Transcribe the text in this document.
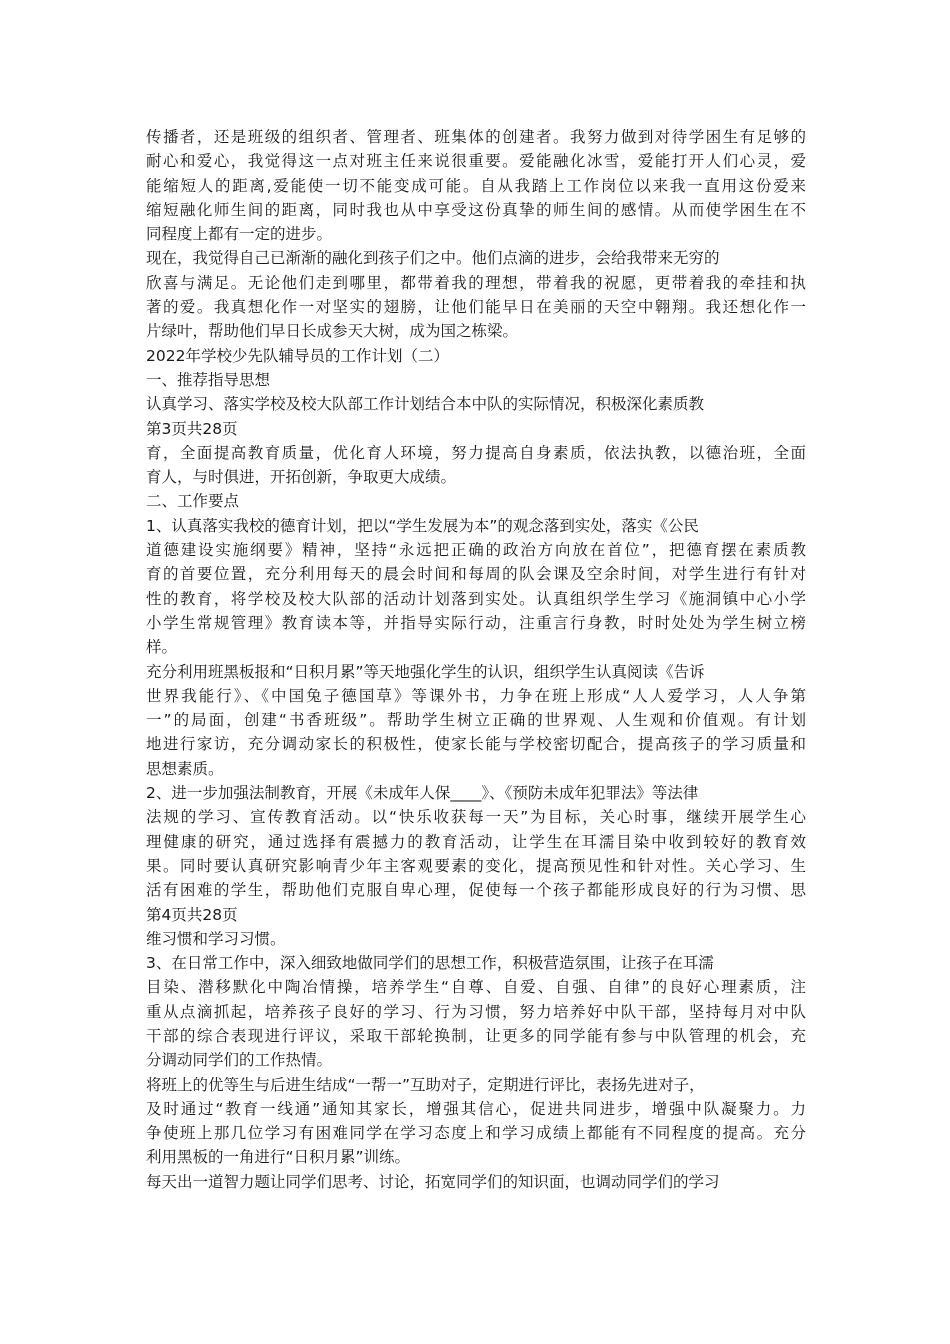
传播者，还是班级的组织者、管理者、班集体的创建者。我努力做到对待学困生有足够的
耐心和爱心，我觉得这一点对班主任来说很重要。爱能融化冰雪，爱能打开人们心灵，爱
能缩短人的距离,爱能使一切不能变成可能。自从我踏上工作岗位以来我一直用这份爱来
缩短融化师生间的距离，同时我也从中享受这份真挚的师生间的感情。从而使学困生在不
同程度上都有一定的进步。
现在，我觉得自己已渐渐的融化到孩子们之中。他们点滴的进步，会给我带来无穷的
欣喜与满足。无论他们走到哪里，都带着我的理想，带着我的祝愿，更带着我的牵挂和执
著的爱。我真想化作一对坚实的翅膀，让他们能早日在美丽的天空中翱翔。我还想化作一
片绿叶，帮助他们早日长成参天大树，成为国之栋梁。
2022年学校少先队辅导员的工作计划（二）
一、推荐指导思想
认真学习、落实学校及校大队部工作计划结合本中队的实际情况，积极深化素质教
第3页共28页
育，全面提高教育质量，优化育人环境，努力提高自身素质，依法执教，以德治班，全面
育人，与时俱进，开拓创新，争取更大成绩。
二、工作要点
1、认真落实我校的德育计划，把以“学生发展为本”的观念落到实处，落实《公民
道德建设实施纲要》精神，坚持“永远把正确的政治方向放在首位”，把德育摆在素质教
育的首要位置，充分利用每天的晨会时间和每周的队会课及空余时间，对学生进行有针对
性的教育，将学校及校大队部的活动计划落到实处。认真组织学生学习《施洞镇中心小学
小学生常规管理》教育读本等，并指导实际行动，注重言行身教，时时处处为学生树立榜
样。
充分利用班黑板报和“日积月累”等天地强化学生的认识，组织学生认真阅读《告诉
世界我能行》、《中国兔子德国草》等课外书，力争在班上形成“人人爱学习，人人争第
一”的局面，创建“书香班级”。帮助学生树立正确的世界观、人生观和价值观。有计划
地进行家访，充分调动家长的积极性，使家长能与学校密切配合，提高孩子的学习质量和
思想素质。
2、进一步加强法制教育，开展《未成年人保____》、《预防未成年犯罪法》等法律
法规的学习、宣传教育活动。以“快乐收获每一天”为目标，关心时事，继续开展学生心
理健康的研究，通过选择有震撼力的教育活动，让学生在耳濡目染中收到较好的教育效
果。同时要认真研究影响青少年主客观要素的变化，提高预见性和针对性。关心学习、生
活有困难的学生，帮助他们克服自卑心理，促使每一个孩子都能形成良好的行为习惯、思
第4页共28页
维习惯和学习习惯。
3、在日常工作中，深入细致地做同学们的思想工作，积极营造氛围，让孩子在耳濡
目染、潜移默化中陶冶情操，培养学生“自尊、自爱、自强、自律”的良好心理素质，注
重从点滴抓起，培养孩子良好的学习、行为习惯，努力培养好中队干部，坚持每月对中队
干部的综合表现进行评议，采取干部轮换制，让更多的同学能有参与中队管理的机会，充
分调动同学们的工作热情。
将班上的优等生与后进生结成“一帮一”互助对子，定期进行评比，表扬先进对子，
及时通过“教育一线通”通知其家长，增强其信心，促进共同进步，增强中队凝聚力。力
争使班上那几位学习有困难同学在学习态度上和学习成绩上都能有不同程度的提高。充分
利用黑板的一角进行“日积月累”训练。
每天出一道智力题让同学们思考、讨论，拓宽同学们的知识面，也调动同学们的学习
